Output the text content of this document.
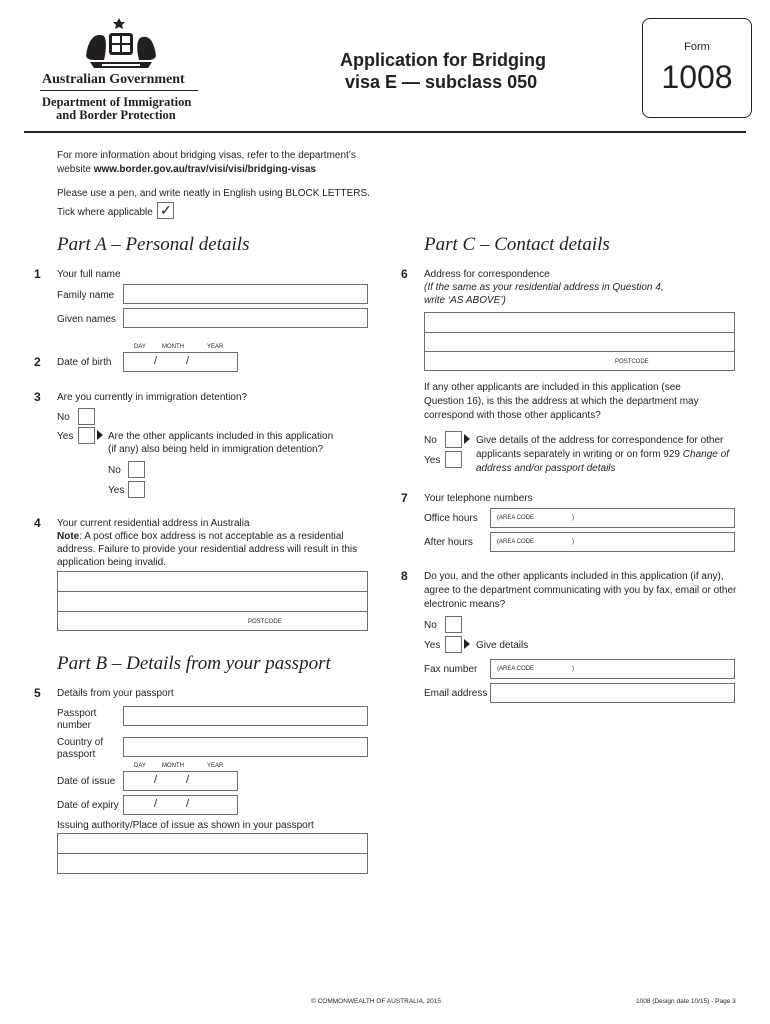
Australian Government
Department of Immigration
and Border Protection
Application for Bridging
visa E — subclass 050
Form
1008
For more information about bridging visas, refer to the department’s
website www.border.gov.au/trav/visi/visi/bridging-visas
Please use a pen, and write neatly in English using BLOCK LETTERS.
Tick where applicable ✓
Part A – Personal details
1 Your full name
Family name
Given names
DAY	MONTH	YEAR
2 Date of birth	/	/
3 Are you currently in immigration detention?
No
Yes	Are the other applicants included in this application
(if any) also being held in immigration detention?
No
Yes
4 Your current residential address in Australia
Note: A post office box address is not acceptable as a residential
address. Failure to provide your residential address will result in this
application being invalid.
POSTCODE
Part B – Details from your passport
5 Details from your passport
Passport
number
Country of
passport
DAY	MONTH	YEAR
Date of issue	/	/
Date of expiry	/	/
Issuing authority/Place of issue as shown in your passport
Part C – Contact details
6 Address for correspondence
(If the same as your residential address in Question 4,
write ‘AS ABOVE’)
POSTCODE
If any other applicants are included in this application (see
Question 16), is this the address at which the department may
correspond with those other applicants?
No	Give details of the address for correspondence for other
Yes
applicants separately in writing or on form 929 Change of
address and/or passport details
7 Your telephone numbers
Office hours	(AREA CODE	)
After hours	(AREA CODE	)
8 Do you, and the other applicants included in this application (if any),
agree to the department communicating with you by fax, email or other
electronic means?
No
Yes	Give details
Fax number	(AREA CODE	)
Email address
© COMMONWEALTH OF AUSTRALIA, 2015	1008 (Design date 10/15) - Page 3
